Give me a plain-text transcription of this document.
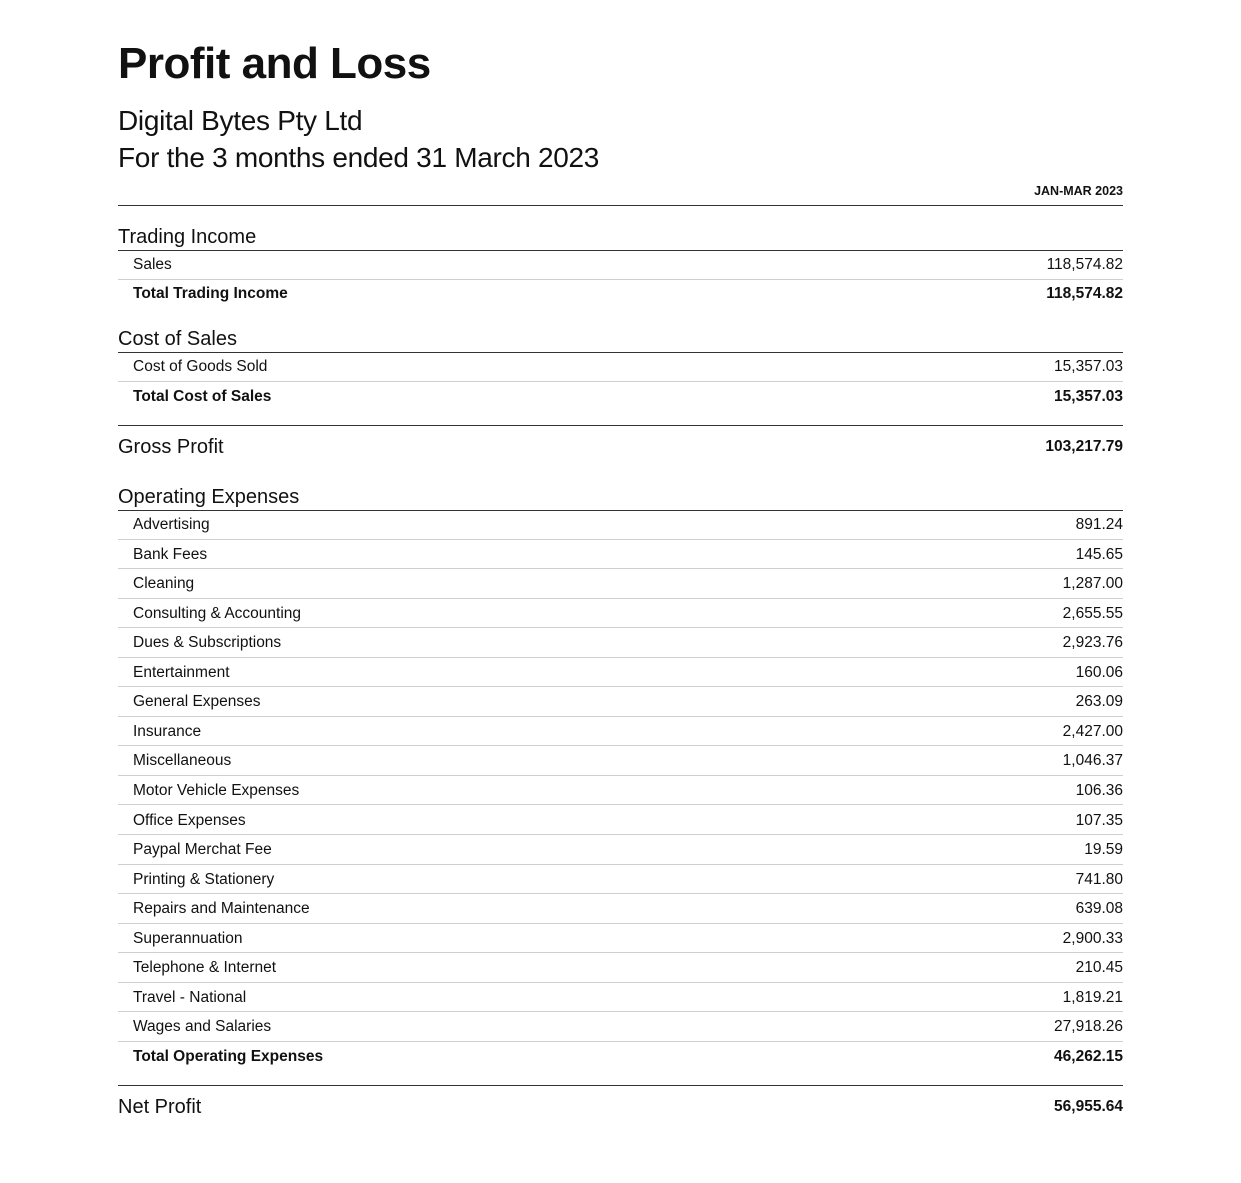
Profit and Loss
Digital Bytes Pty Ltd
For the 3 months ended 31 March 2023
JAN-MAR 2023
Trading Income
Sales	118,574.82
Total Trading Income	118,574.82
Cost of Sales
Cost of Goods Sold	15,357.03
Total Cost of Sales	15,357.03
Gross Profit	103,217.79
Operating Expenses
Advertising	891.24
Bank Fees	145.65
Cleaning	1,287.00
Consulting & Accounting	2,655.55
Dues & Subscriptions	2,923.76
Entertainment	160.06
General Expenses	263.09
Insurance	2,427.00
Miscellaneous	1,046.37
Motor Vehicle Expenses	106.36
Office Expenses	107.35
Paypal Merchat Fee	19.59
Printing & Stationery	741.80
Repairs and Maintenance	639.08
Superannuation	2,900.33
Telephone & Internet	210.45
Travel - National	1,819.21
Wages and Salaries	27,918.26
Total Operating Expenses	46,262.15
Net Profit	56,955.64
